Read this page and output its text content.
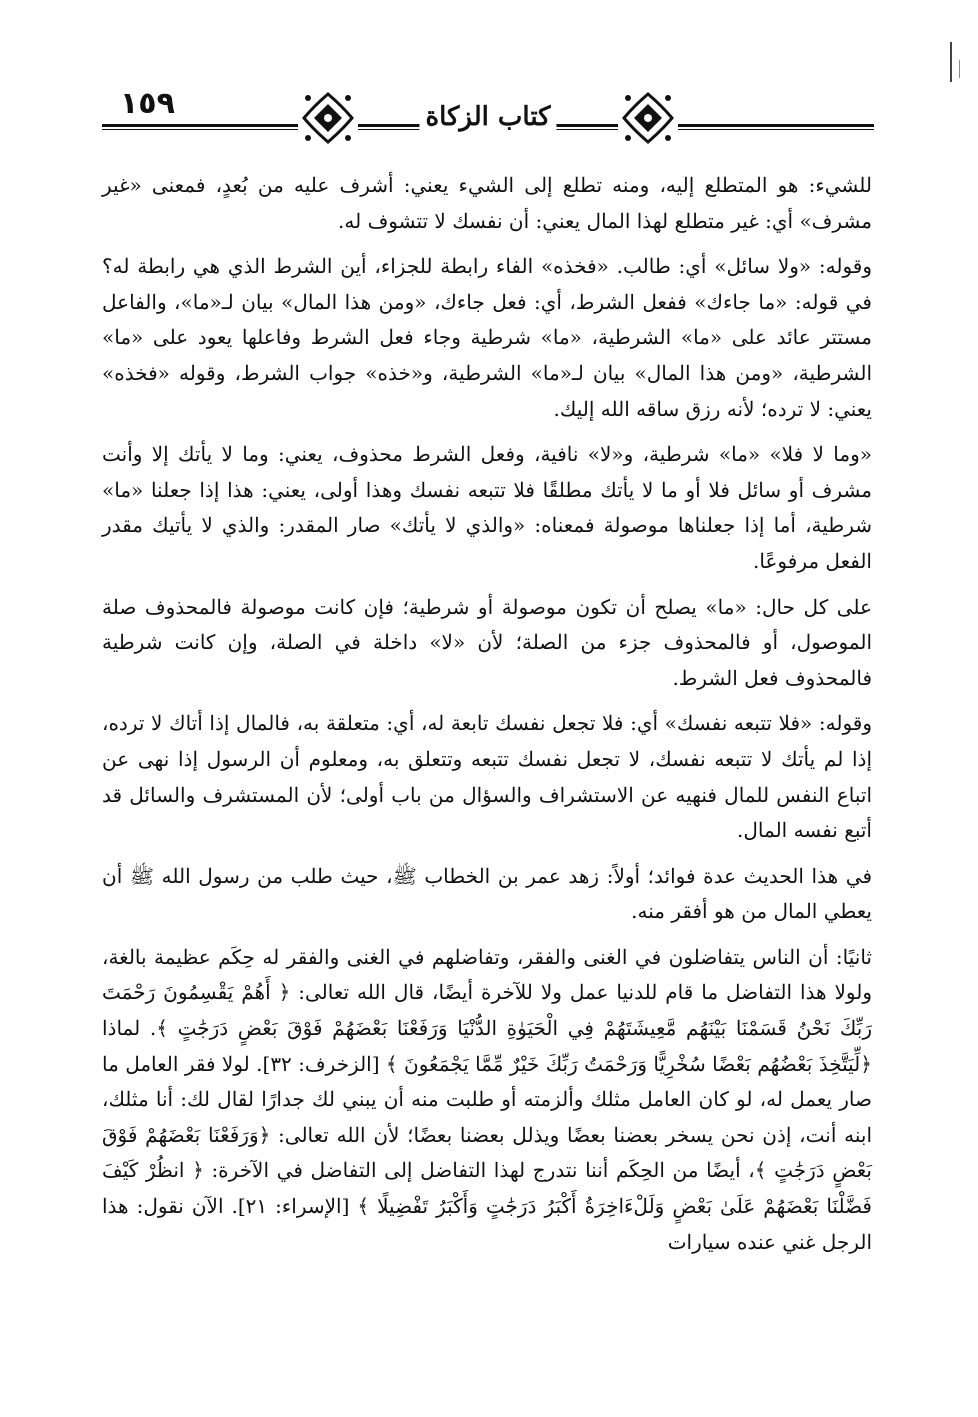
١٥٩	كتاب الزكاة

للشيء: هو المتطلع إليه، ومنه تطلع إلى الشيء يعني: أشرف عليه من بُعدٍ، فمعنى «غير مشرف» أي: غير متطلع لهذا المال يعني: أن نفسك لا تتشوف له.

وقوله: «ولا سائل» أي: طالب. «فخذه» الفاء رابطة للجزاء، أين الشرط الذي هي رابطة له؟ في قوله: «ما جاءك» ففعل الشرط، أي: فعل جاءك، «ومن هذا المال» بيان لـ«ما»، والفاعل مستتر عائد على «ما» الشرطية، «ما» شرطية وجاء فعل الشرط وفاعلها يعود على «ما» الشرطية، «ومن هذا المال» بيان لـ«ما» الشرطية، و«خذه» جواب الشرط، وقوله «فخذه» يعني: لا ترده؛ لأنه رزق ساقه الله إليك.

«وما لا فلا» «ما» شرطية، و«لا» نافية، وفعل الشرط محذوف، يعني: وما لا يأتك إلا وأنت مشرف أو سائل فلا أو ما لا يأتك مطلقًا فلا تتبعه نفسك وهذا أولى، يعني: هذا إذا جعلنا «ما» شرطية، أما إذا جعلناها موصولة فمعناه: «والذي لا يأتك» صار المقدر: والذي لا يأتيك مقدر الفعل مرفوعًا.

على كل حال: «ما» يصلح أن تكون موصولة أو شرطية؛ فإن كانت موصولة فالمحذوف صلة الموصول، أو فالمحذوف جزء من الصلة؛ لأن «لا» داخلة في الصلة، وإن كانت شرطية فالمحذوف فعل الشرط.

وقوله: «فلا تتبعه نفسك» أي: فلا تجعل نفسك تابعة له، أي: متعلقة به، فالمال إذا أتاك لا ترده، إذا لم يأتك لا تتبعه نفسك، لا تجعل نفسك تتبعه وتتعلق به، ومعلوم أن الرسول إذا نهى عن اتباع النفس للمال فنهيه عن الاستشراف والسؤال من باب أولى؛ لأن المستشرف والسائل قد أتبع نفسه المال.

في هذا الحديث عدة فوائد؛ أولاً: زهد عمر بن الخطاب ﷺ، حيث طلب من رسول الله ﷺ أن يعطي المال من هو أفقر منه.

ثانيًا: أن الناس يتفاضلون في الغنى والفقر، وتفاضلهم في الغنى والفقر له حِكَم عظيمة بالغة، ولولا هذا التفاضل ما قام للدنيا عمل ولا للآخرة أيضًا، قال الله تعالى: ﴿ أَهُمْ يَقْسِمُونَ رَحْمَتَ رَبِّكَ نَحْنُ قَسَمْنَا بَيْنَهُم مَّعِيشَتَهُمْ فِي الْحَيَوٰةِ الدُّنْيَا وَرَفَعْنَا بَعْضَهُمْ فَوْقَ بَعْضٍ دَرَجَٰتٍ ﴾. لماذا ﴿لِّيَتَّخِذَ بَعْضُهُم بَعْضًا سُخْرِيًّا وَرَحْمَتُ رَبِّكَ خَيْرٌ مِّمَّا يَجْمَعُونَ ﴾ [الزخرف: ٣٢]. لولا فقر العامل ما صار يعمل له، لو كان العامل مثلك وألزمته أو طلبت منه أن يبني لك جدارًا لقال لك: أنا مثلك، ابنه أنت، إذن نحن يسخر بعضنا بعضًا ويذلل بعضنا بعضًا؛ لأن الله تعالى: ﴿وَرَفَعْنَا بَعْضَهُمْ فَوْقَ بَعْضٍ دَرَجَٰتٍ ﴾، أيضًا من الحِكَم أننا نتدرج لهذا التفاضل إلى التفاضل في الآخرة: ﴿ انظُرْ كَيْفَ فَضَّلْنَا بَعْضَهُمْ عَلَىٰ بَعْضٍ وَلَلْءَاخِرَةُ أَكْبَرُ دَرَجَٰتٍ وَأَكْبَرُ تَفْضِيلًا ﴾ [الإسراء: ٢١]. الآن نقول: هذا الرجل غني عنده سيارات
